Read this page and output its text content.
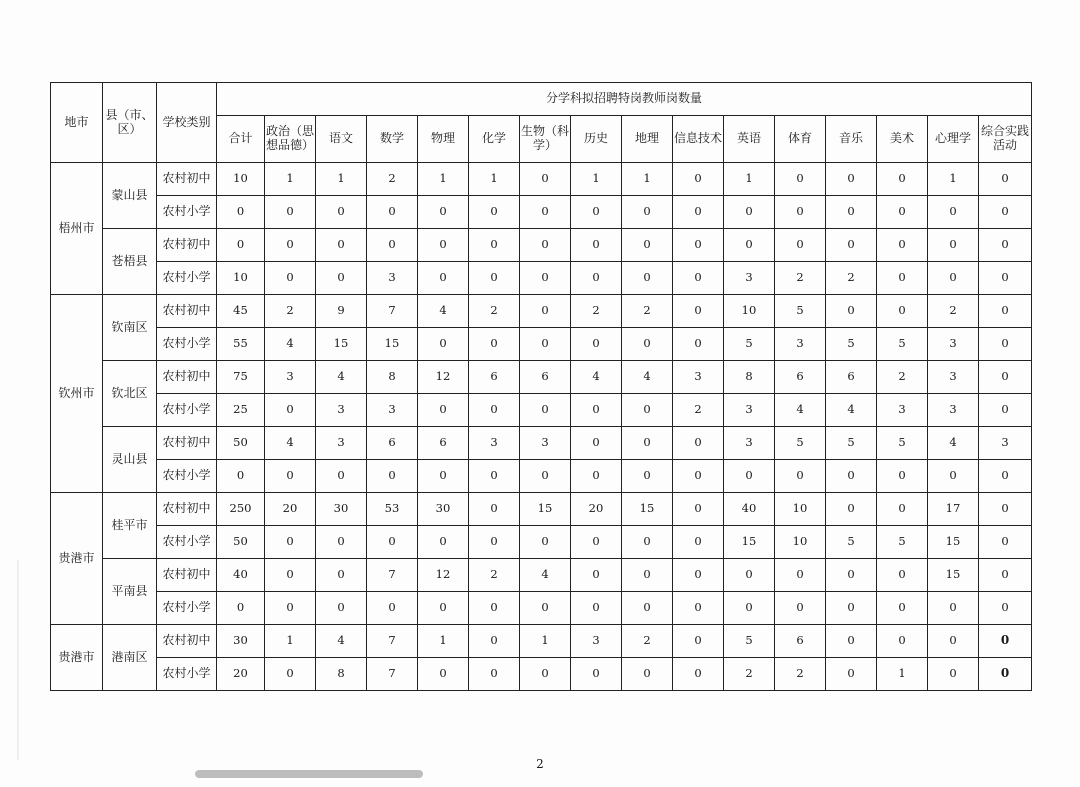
地市	县（市、区）	学校类别	分学科拟招聘特岗教师岗数量															
			合计	政治（思想品德）	语文	数学	物理	化学	生物（科学）	历史	地理	信息技术	英语	体育	音乐	美术	心理学	综合实践活动
梧州市	蒙山县	农村初中	10	1	1	2	1	1	0	1	1	0	1	0	0	0	1	0
		农村小学	0	0	0	0	0	0	0	0	0	0	0	0	0	0	0	0
	苍梧县	农村初中	0	0	0	0	0	0	0	0	0	0	0	0	0	0	0	0
		农村小学	10	0	0	3	0	0	0	0	0	0	3	2	2	0	0	0
钦州市	钦南区	农村初中	45	2	9	7	4	2	0	2	2	0	10	5	0	0	2	0
		农村小学	55	4	15	15	0	0	0	0	0	0	5	3	5	5	3	0
	钦北区	农村初中	75	3	4	8	12	6	6	4	4	3	8	6	6	2	3	0
		农村小学	25	0	3	3	0	0	0	0	0	2	3	4	4	3	3	0
	灵山县	农村初中	50	4	3	6	6	3	3	0	0	0	3	5	5	5	4	3
		农村小学	0	0	0	0	0	0	0	0	0	0	0	0	0	0	0	0
贵港市	桂平市	农村初中	250	20	30	53	30	0	15	20	15	0	40	10	0	0	17	0
		农村小学	50	0	0	0	0	0	0	0	0	0	15	10	5	5	15	0
	平南县	农村初中	40	0	0	7	12	2	4	0	0	0	0	0	0	0	15	0
		农村小学	0	0	0	0	0	0	0	0	0	0	0	0	0	0	0	0
贵港市	港南区	农村初中	30	1	4	7	1	0	1	3	2	0	5	6	0	0	0	0
		农村小学	20	0	8	7	0	0	0	0	0	0	2	2	0	1	0	0
2
